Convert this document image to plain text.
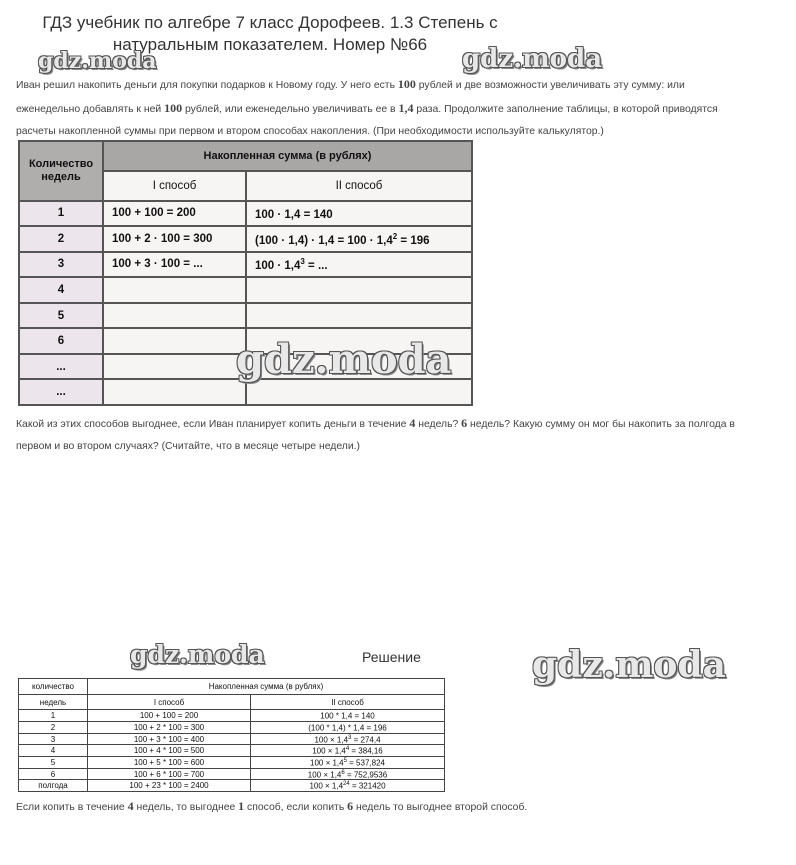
ГДЗ учебник по алгебре 7 класс Дорофеев. 1.3 Степень с натуральным показателем. Номер №66
gdz.moda	gdz.moda
Иван решил накопить деньги для покупки подарков к Новому году. У него есть 100 рублей и две возможности увеличивать эту сумму: или
еженедельно добавлять к ней 100 рублей, или еженедельно увеличивать ее в 1,4 раза. Продолжите заполнение таблицы, в которой приводятся
расчеты накопленной суммы при первом и втором способах накопления. (При необходимости используйте калькулятор.)
Количество недель	Накопленная сумма (в рублях)	
	I способ	II способ
1	100 + 100 = 200	100 · 1,4 = 140
2	100 + 2 · 100 = 300	$(100 \cdot 1,4) \cdot 1,4 = 100 \cdot 1,4^2 = 196$
3	100 + 3 · 100 = ...	$100 \cdot 1,4^3$ = ...
4		
5		
6		
...		
...		
gdz.moda
Какой из этих способов выгоднее, если Иван планирует копить деньги в течение 4 недель? 6 недель? Какую сумму он мог бы накопить за полгода в
первом и во втором случаях? (Считайте, что в месяце четыре недели.)
gdz.moda	Решение	gdz.moda
количество	Накопленная сумма (в рублях)	
недель	I способ	II способ
1	100 + 100 = 200	100 * 1,4 = 140
2	100 + 2 * 100 = 300	(100 * 1,4) * 1,4 = 196
3	100 + 3 * 100 = 400	$100 \times 1,4^3 = 274,4$
4	100 + 4 * 100 = 500	$100 \times 1,4^4 = 384,16$
5	100 + 5 * 100 = 600	$100 \times 1,4^5 = 537,824$
6	100 + 6 * 100 = 700	$100 \times 1,4^6 = 752,9536$
полгода	100 + 23 * 100 = 2400	$100 \times 1,4^{24} = 321420$
Если копить в течение 4 недель, то выгоднее 1 способ, если копить 6 недель то выгоднее второй способ.
